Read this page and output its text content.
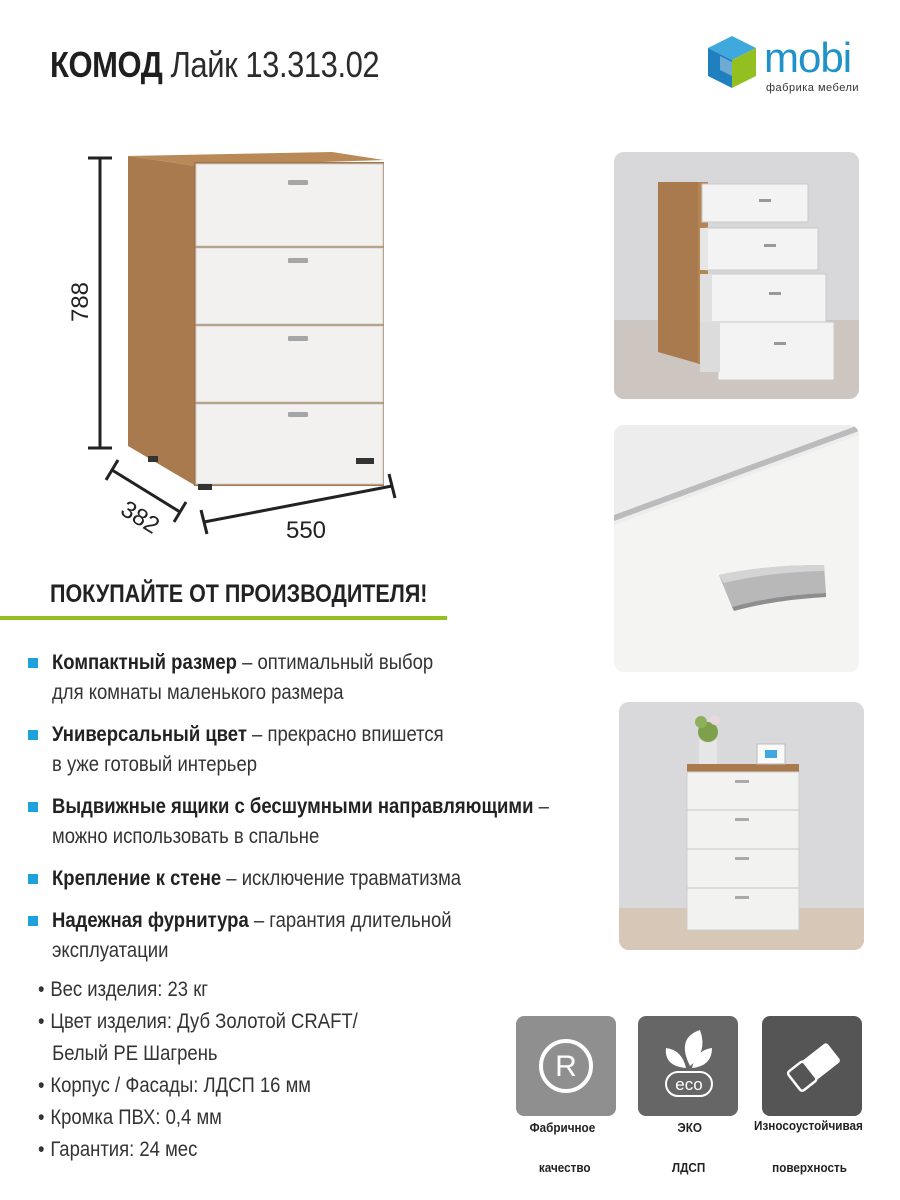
КОМОД Лайк 13.313.02	mobi
фабрика мебели
788
382	550
ПОКУПАЙТЕ ОТ ПРОИЗВОДИТЕЛЯ!
Компактный размер – оптимальный выбор
для комнаты маленького размера
Универсальный цвет – прекрасно впишется
в уже готовый интерьер
Выдвижные ящики с бесшумными направляющими –
можно использовать в спальне
Крепление к стене – исключение травматизма
Надежная фурнитура – гарантия длительной
эксплуатации
• Вес изделия: 23 кг
• Цвет изделия: Дуб Золотой CRAFT/
Белый PE Шагрень
• Корпус / Фасады: ЛДСП 16 мм
• Кромка ПВХ: 0,4 мм
• Гарантия: 24 мес
R
eco
Фабричное
качество
ЭКО
ЛДСП
Износоустойчивая
поверхность
